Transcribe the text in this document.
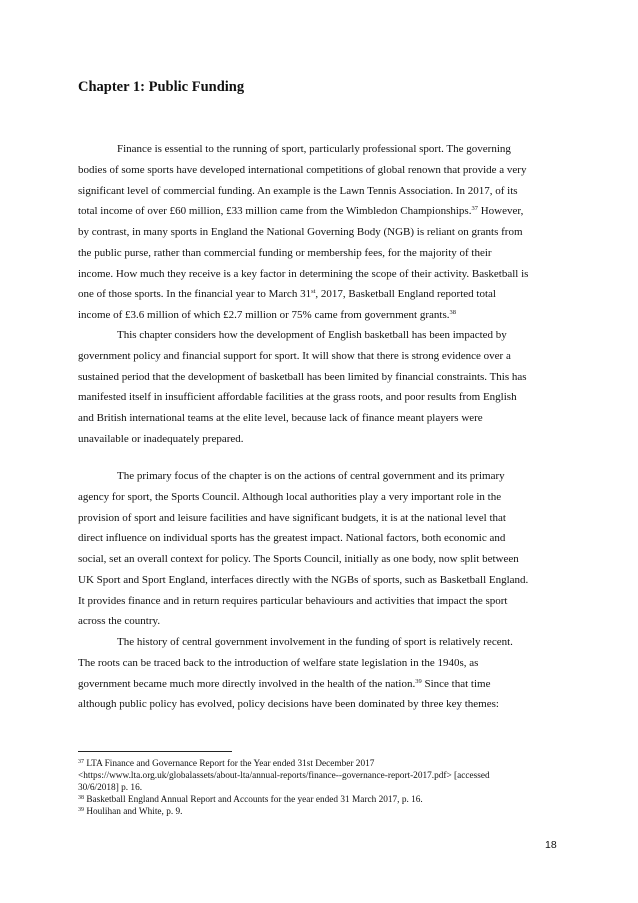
Chapter 1: Public Funding
Finance is essential to the running of sport, particularly professional sport. The governing
bodies of some sports have developed international competitions of global renown that provide a very
significant level of commercial funding. An example is the Lawn Tennis Association. In 2017, of its
total income of over £60 million, £33 million came from the Wimbledon Championships.$^{37}$ However,
by contrast, in many sports in England the National Governing Body (NGB) is reliant on grants from
the public purse, rather than commercial funding or membership fees, for the majority of their
income. How much they receive is a key factor in determining the scope of their activity. Basketball is
one of those sports. In the financial year to March 31st, 2017, Basketball England reported total
income of £3.6 million of which £2.7 million or 75% came from government grants.$^{38}$
This chapter considers how the development of English basketball has been impacted by
government policy and financial support for sport. It will show that there is strong evidence over a
sustained period that the development of basketball has been limited by financial constraints. This has
manifested itself in insufficient affordable facilities at the grass roots, and poor results from English
and British international teams at the elite level, because lack of finance meant players were
unavailable or inadequately prepared.
The primary focus of the chapter is on the actions of central government and its primary
agency for sport, the Sports Council. Although local authorities play a very important role in the
provision of sport and leisure facilities and have significant budgets, it is at the national level that
direct influence on individual sports has the greatest impact. National factors, both economic and
social, set an overall context for policy. The Sports Council, initially as one body, now split between
UK Sport and Sport England, interfaces directly with the NGBs of sports, such as Basketball England.
It provides finance and in return requires particular behaviours and activities that impact the sport
across the country.
The history of central government involvement in the funding of sport is relatively recent.
The roots can be traced back to the introduction of welfare state legislation in the 1940s, as
government became much more directly involved in the health of the nation.$^{39}$ Since that time
although public policy has evolved, policy decisions have been dominated by three key themes:
$^{37}$ LTA Finance and Governance Report for the Year ended 31st December 2017
<https://www.lta.org.uk/globalassets/about-lta/annual-reports/finance--governance-report-2017.pdf> [accessed
30/6/2018] p. 16.
$^{38}$ Basketball England Annual Report and Accounts for the year ended 31 March 2017, p. 16.
$^{39}$ Houlihan and White, p. 9.
18
